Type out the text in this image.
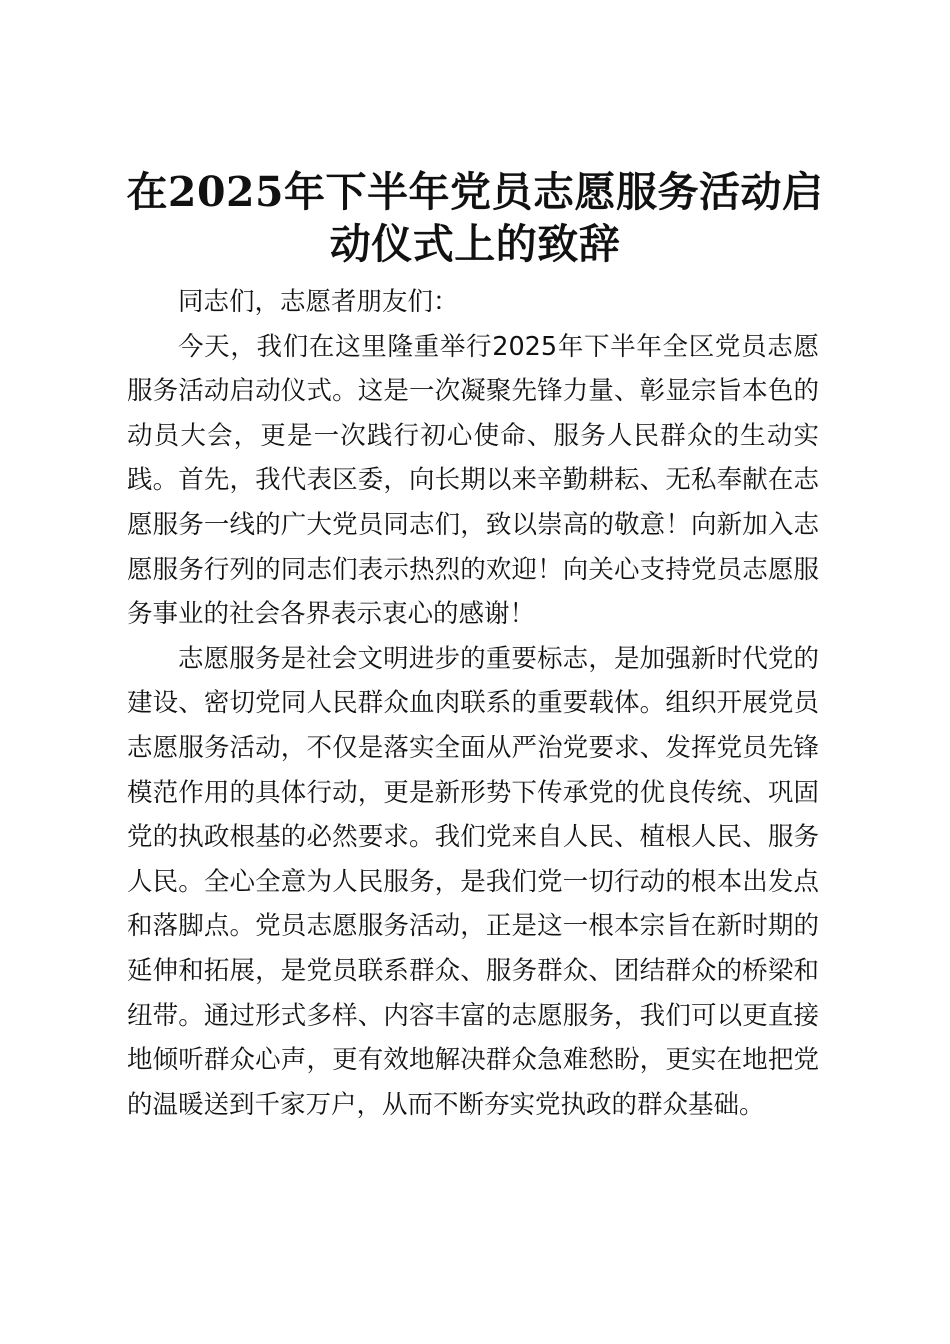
在2025年下半年党员志愿服务活动启动仪式上的致辞

同志们，志愿者朋友们：

今天，我们在这里隆重举行2025年下半年全区党员志愿服务活动启动仪式。这是一次凝聚先锋力量、彰显宗旨本色的动员大会，更是一次践行初心使命、服务人民群众的生动实践。首先，我代表区委，向长期以来辛勤耕耘、无私奉献在志愿服务一线的广大党员同志们，致以崇高的敬意！向新加入志愿服务行列的同志们表示热烈的欢迎！向关心支持党员志愿服务事业的社会各界表示衷心的感谢！

志愿服务是社会文明进步的重要标志，是加强新时代党的建设、密切党同人民群众血肉联系的重要载体。组织开展党员志愿服务活动，不仅是落实全面从严治党要求、发挥党员先锋模范作用的具体行动，更是新形势下传承党的优良传统、巩固党的执政根基的必然要求。我们党来自人民、植根人民、服务人民。全心全意为人民服务，是我们党一切行动的根本出发点和落脚点。党员志愿服务活动，正是这一根本宗旨在新时期的延伸和拓展，是党员联系群众、服务群众、团结群众的桥梁和纽带。通过形式多样、内容丰富的志愿服务，我们可以更直接地倾听群众心声，更有效地解决群众急难愁盼，更实在地把党的温暖送到千家万户，从而不断夯实党执政的群众基础。
